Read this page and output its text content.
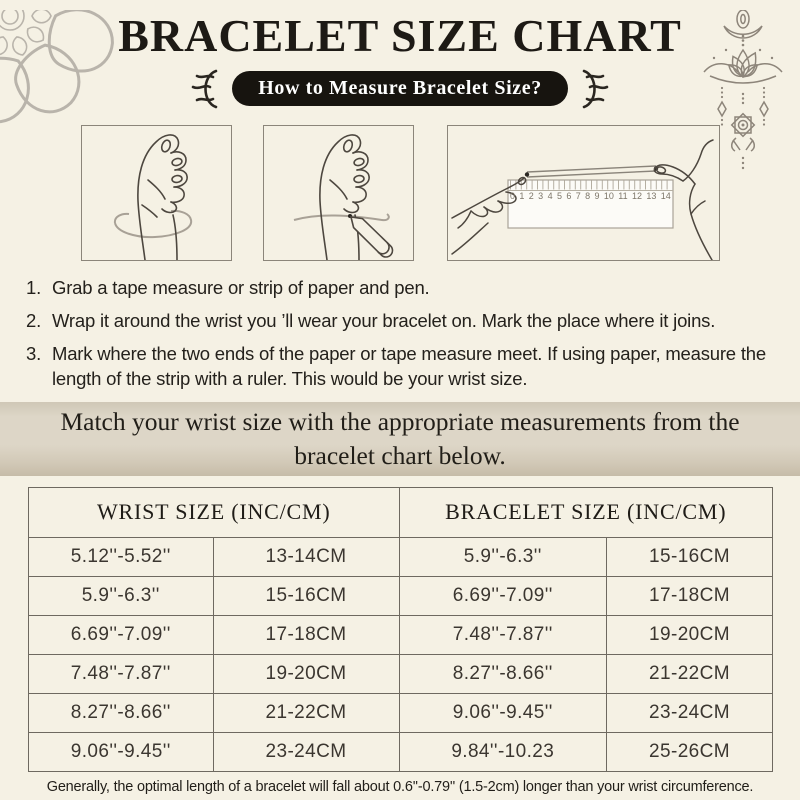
BRACELET SIZE CHART
How to Measure Bracelet Size?
0 1 2 3 4 5 6 7 8 9 10 11 12 13 14
1. Grab a tape measure or strip of paper and pen.
2. Wrap it around the wrist you ’ll wear your bracelet on. Mark the place where it joins.
3. Mark where the two ends of the paper or tape measure meet. If using paper, measure the length of the strip with a ruler. This would be your wrist size.
Match your wrist size with the appropriate measurements from the bracelet chart below.
WRIST SIZE (INC/CM)		BRACELET SIZE (INC/CM)	
5.12''-5.52''	13-14CM	5.9''-6.3''	15-16CM
5.9''-6.3''	15-16CM	6.69''-7.09''	17-18CM
6.69''-7.09''	17-18CM	7.48''-7.87''	19-20CM
7.48''-7.87''	19-20CM	8.27''-8.66''	21-22CM
8.27''-8.66''	21-22CM	9.06''-9.45''	23-24CM
9.06''-9.45''	23-24CM	9.84''-10.23	25-26CM
Generally, the optimal length of a bracelet will fall about 0.6''-0.79'' (1.5-2cm) longer than your wrist circumference.
